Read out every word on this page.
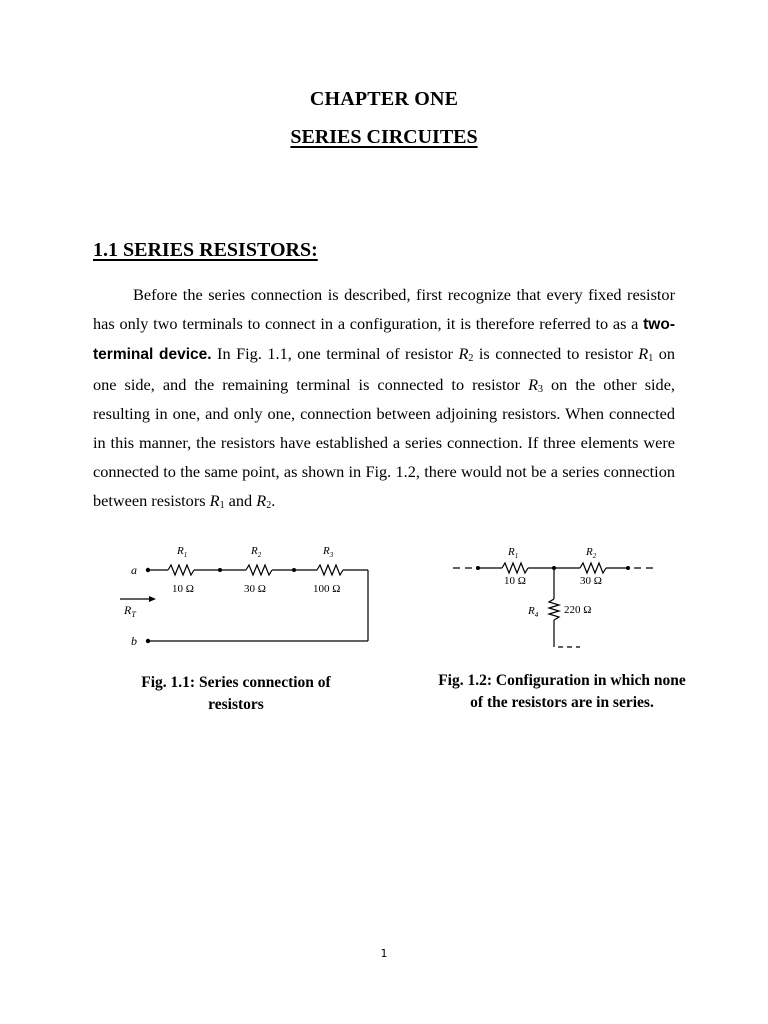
CHAPTER ONE
SERIES CIRCUITES
1.1 SERIES RESISTORS:
Before the series connection is described, first recognize that every fixed resistor has only two terminals to connect in a configuration, it is therefore referred to as a two-terminal device. In Fig. 1.1, one terminal of resistor $R_2$ is connected to resistor $R_1$ on one side, and the remaining terminal is connected to resistor $R_3$ on the other side, resulting in one, and only one, connection between adjoining resistors. When connected in this manner, the resistors have established a series connection. If three elements were connected to the same point, as shown in Fig. 1.2, there would not be a series connection between resistors $R_1$ and $R_2$.
a
b
$R_T$
$R_1$	$R_2$	$R_3$
10 Ω	30 Ω	100 Ω
$R_1$	$R_2$
$R_4$
10 Ω	30 Ω
220 Ω
Fig. 1.1: Series connection of
resistors
Fig. 1.2: Configuration in which none
of the resistors are in series.
1
